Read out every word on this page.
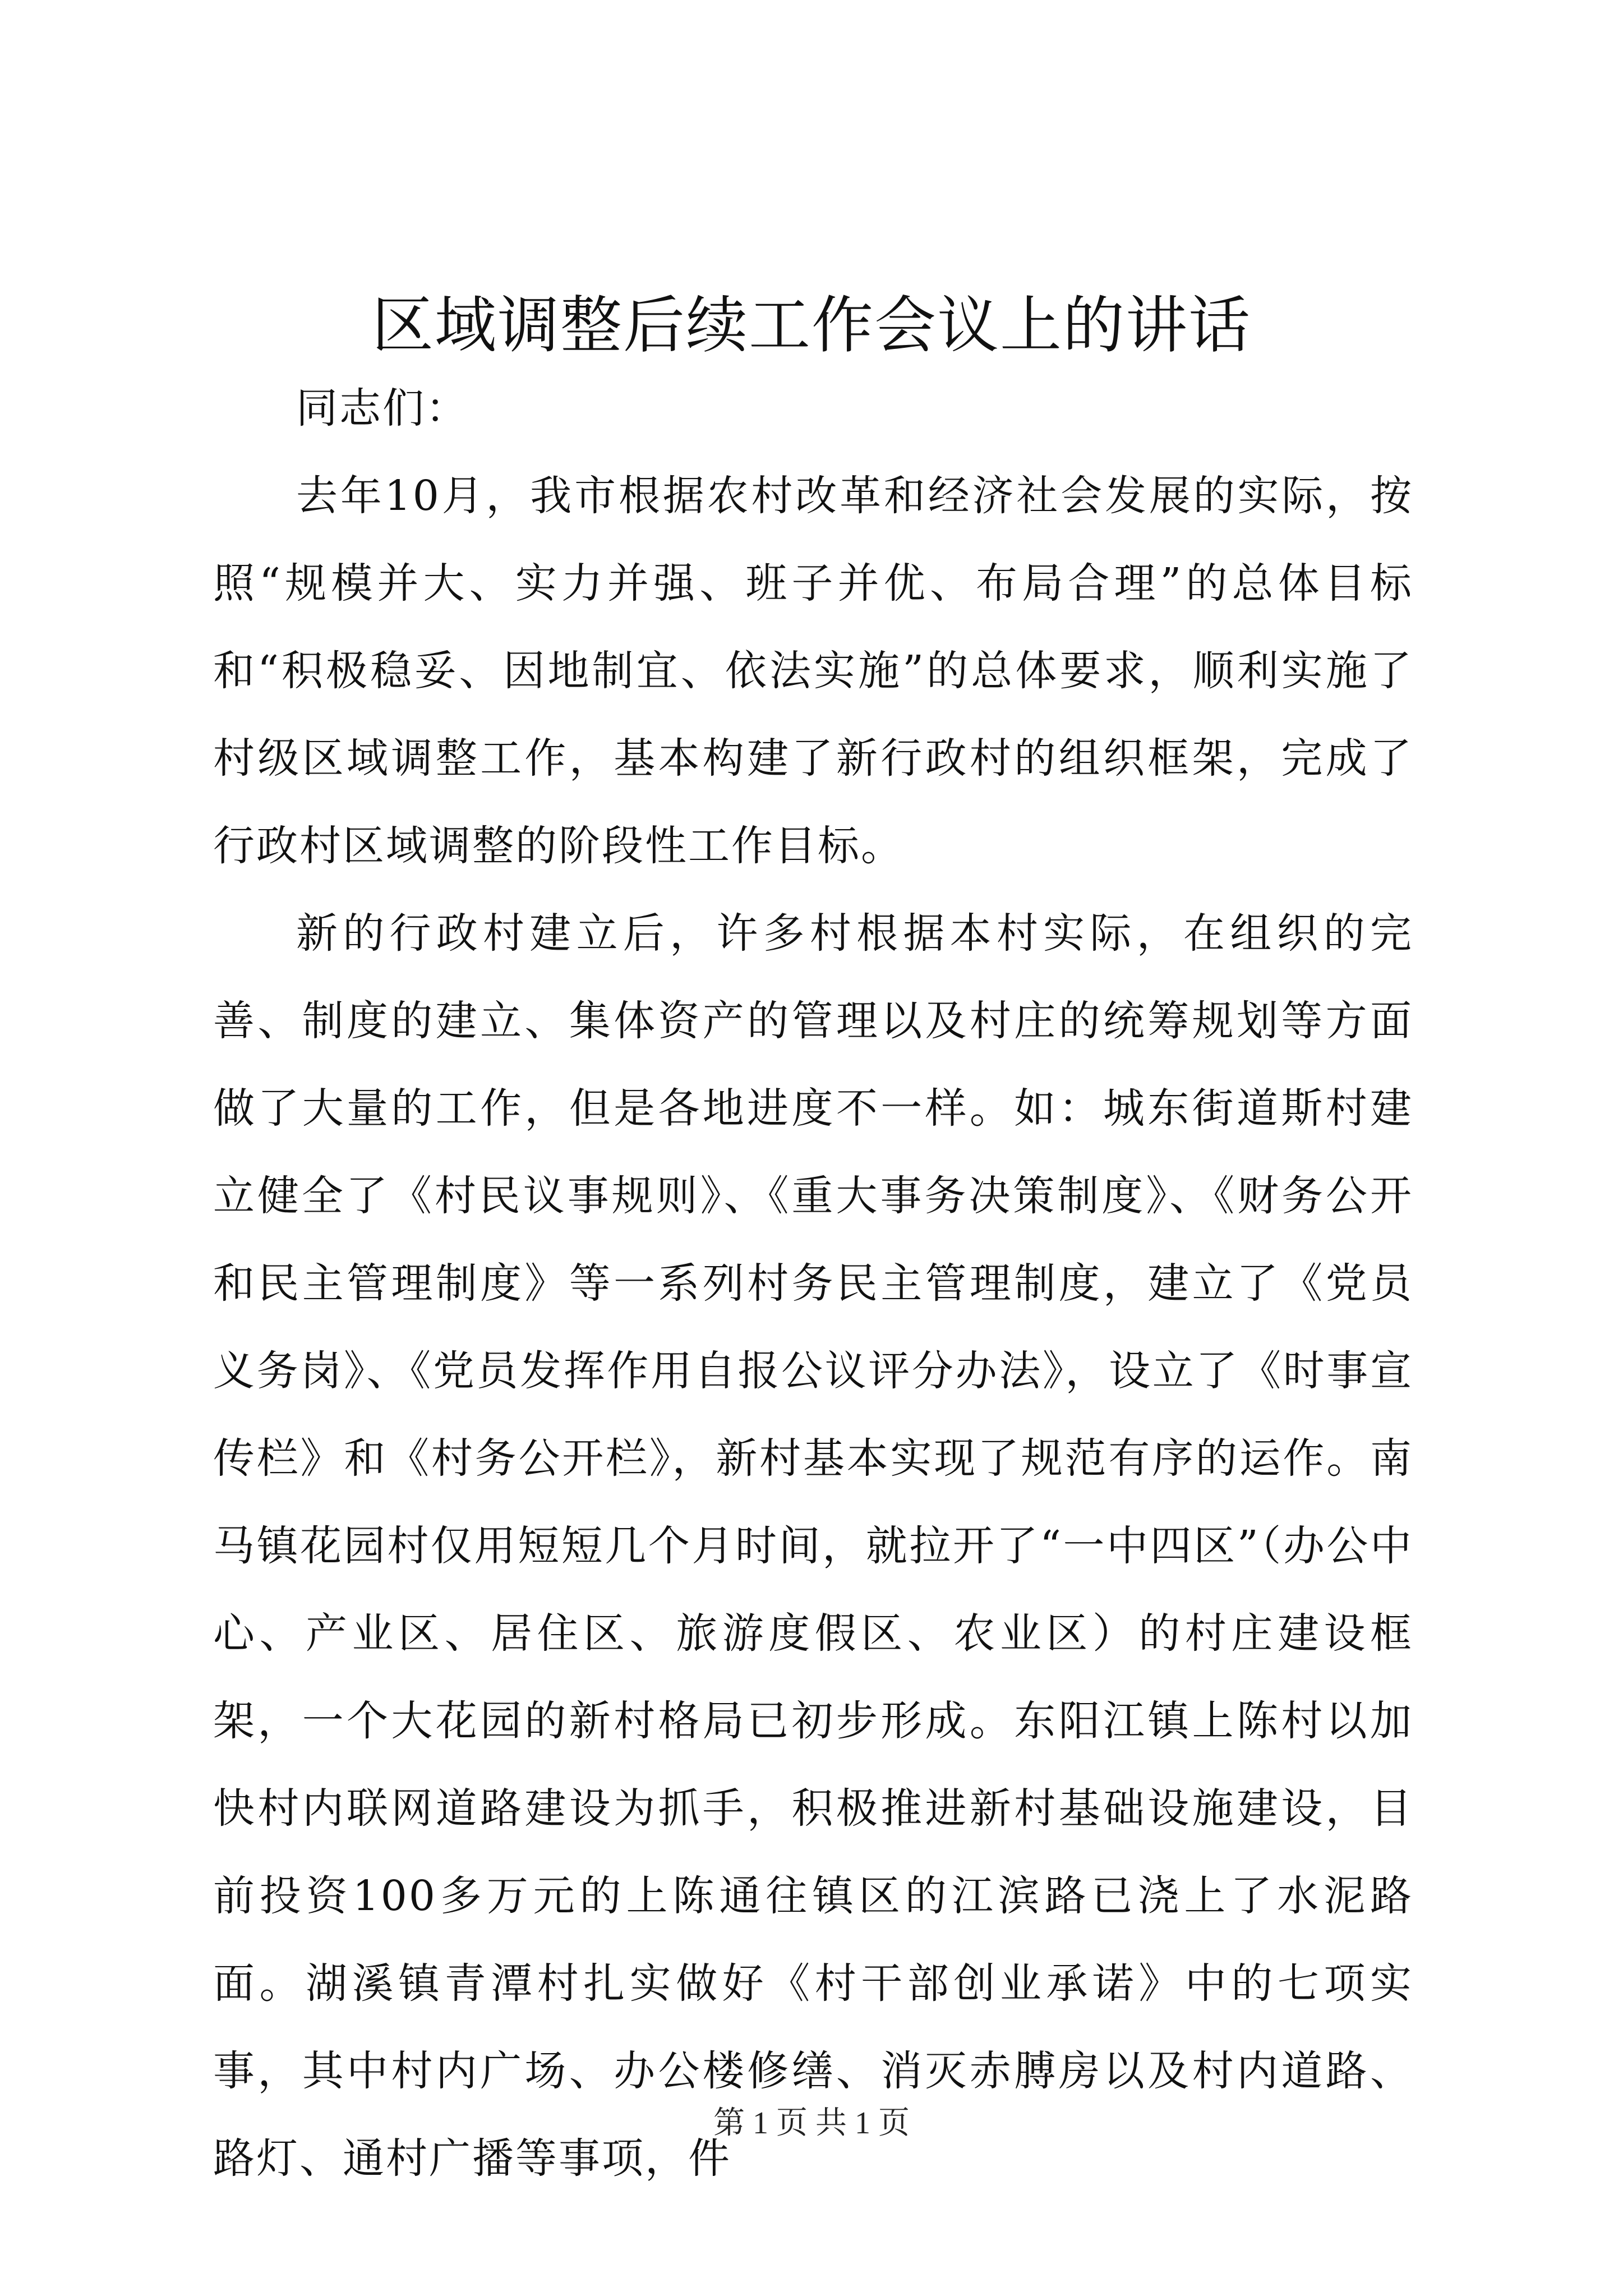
区域调整后续工作会议上的讲话

同志们：

去年10月，我市根据农村改革和经济社会发展的实际，按照“规模并大、实力并强、班子并优、布局合理”的总体目标和“积极稳妥、因地制宜、依法实施”的总体要求，顺利实施了村级区域调整工作，基本构建了新行政村的组织框架，完成了行政村区域调整的阶段性工作目标。

新的行政村建立后，许多村根据本村实际，在组织的完善、制度的建立、集体资产的管理以及村庄的统筹规划等方面做了大量的工作，但是各地进度不一样。如：城东街道斯村建立健全了《村民议事规则》、《重大事务决策制度》、《财务公开和民主管理制度》等一系列村务民主管理制度，建立了《党员义务岗》、《党员发挥作用自报公议评分办法》，设立了《时事宣传栏》和《村务公开栏》，新村基本实现了规范有序的运作。南马镇花园村仅用短短几个月时间，就拉开了“一中四区”（办公中心、产业区、居住区、旅游度假区、农业区）的村庄建设框架，一个大花园的新村格局已初步形成。东阳江镇上陈村以加快村内联网道路建设为抓手，积极推进新村基础设施建设，目前投资100多万元的上陈通往镇区的江滨路已浇上了水泥路面。湖溪镇青潭村扎实做好《村干部创业承诺》中的七项实事，其中村内广场、办公楼修缮、消灭赤膊房以及村内道路、路灯、通村广播等事项，件

第 1 页 共 1 页
